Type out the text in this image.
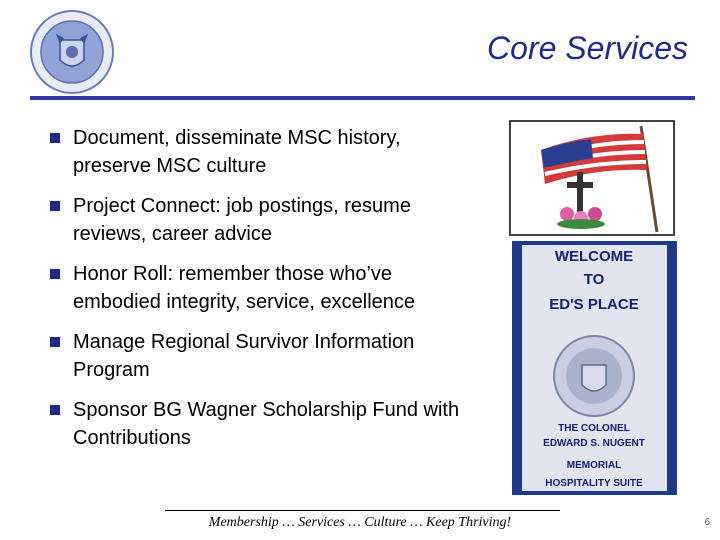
Core Services
Document, disseminate MSC history, preserve MSC culture
Project Connect: job postings, resume reviews, career advice
Honor Roll: remember those who’ve embodied integrity, service, excellence
Manage Regional Survivor Information Program
Sponsor BG Wagner Scholarship Fund with Contributions
WELCOME
TO
ED'S PLACE
THE COLONEL
EDWARD S. NUGENT
MEMORIAL
HOSPITALITY SUITE
Membership … Services … Culture … Keep Thriving!	6
